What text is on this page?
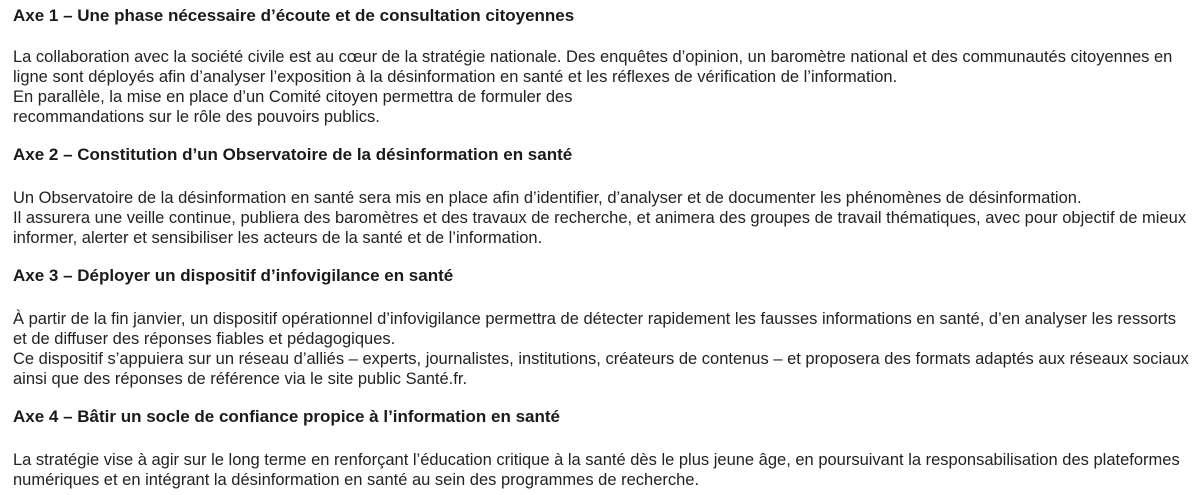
Axe 1 – Une phase nécessaire d’écoute et de consultation citoyennes

La collaboration avec la société civile est au cœur de la stratégie nationale. Des enquêtes d’opinion, un baromètre national et des communautés citoyennes en ligne sont déployés afin d’analyser l’exposition à la désinformation en santé et les réflexes de vérification de l’information.

En parallèle, la mise en place d’un Comité citoyen permettra de formuler des

recommandations sur le rôle des pouvoirs publics.

Axe 2 – Constitution d’un Observatoire de la désinformation en santé

Un Observatoire de la désinformation en santé sera mis en place afin d’identifier, d’analyser et de documenter les phénomènes de désinformation.

Il assurera une veille continue, publiera des baromètres et des travaux de recherche, et animera des groupes de travail thématiques, avec pour objectif de mieux informer, alerter et sensibiliser les acteurs de la santé et de l’information.

Axe 3 – Déployer un dispositif d’infovigilance en santé

À partir de la fin janvier, un dispositif opérationnel d’infovigilance permettra de détecter rapidement les fausses informations en santé, d’en analyser les ressorts et de diffuser des réponses fiables et pédagogiques.

Ce dispositif s’appuiera sur un réseau d’alliés – experts, journalistes, institutions, créateurs de contenus – et proposera des formats adaptés aux réseaux sociaux ainsi que des réponses de référence via le site public Santé.fr.

Axe 4 – Bâtir un socle de confiance propice à l’information en santé

La stratégie vise à agir sur le long terme en renforçant l’éducation critique à la santé dès le plus jeune âge, en poursuivant la responsabilisation des plateformes numériques et en intégrant la désinformation en santé au sein des programmes de recherche.
